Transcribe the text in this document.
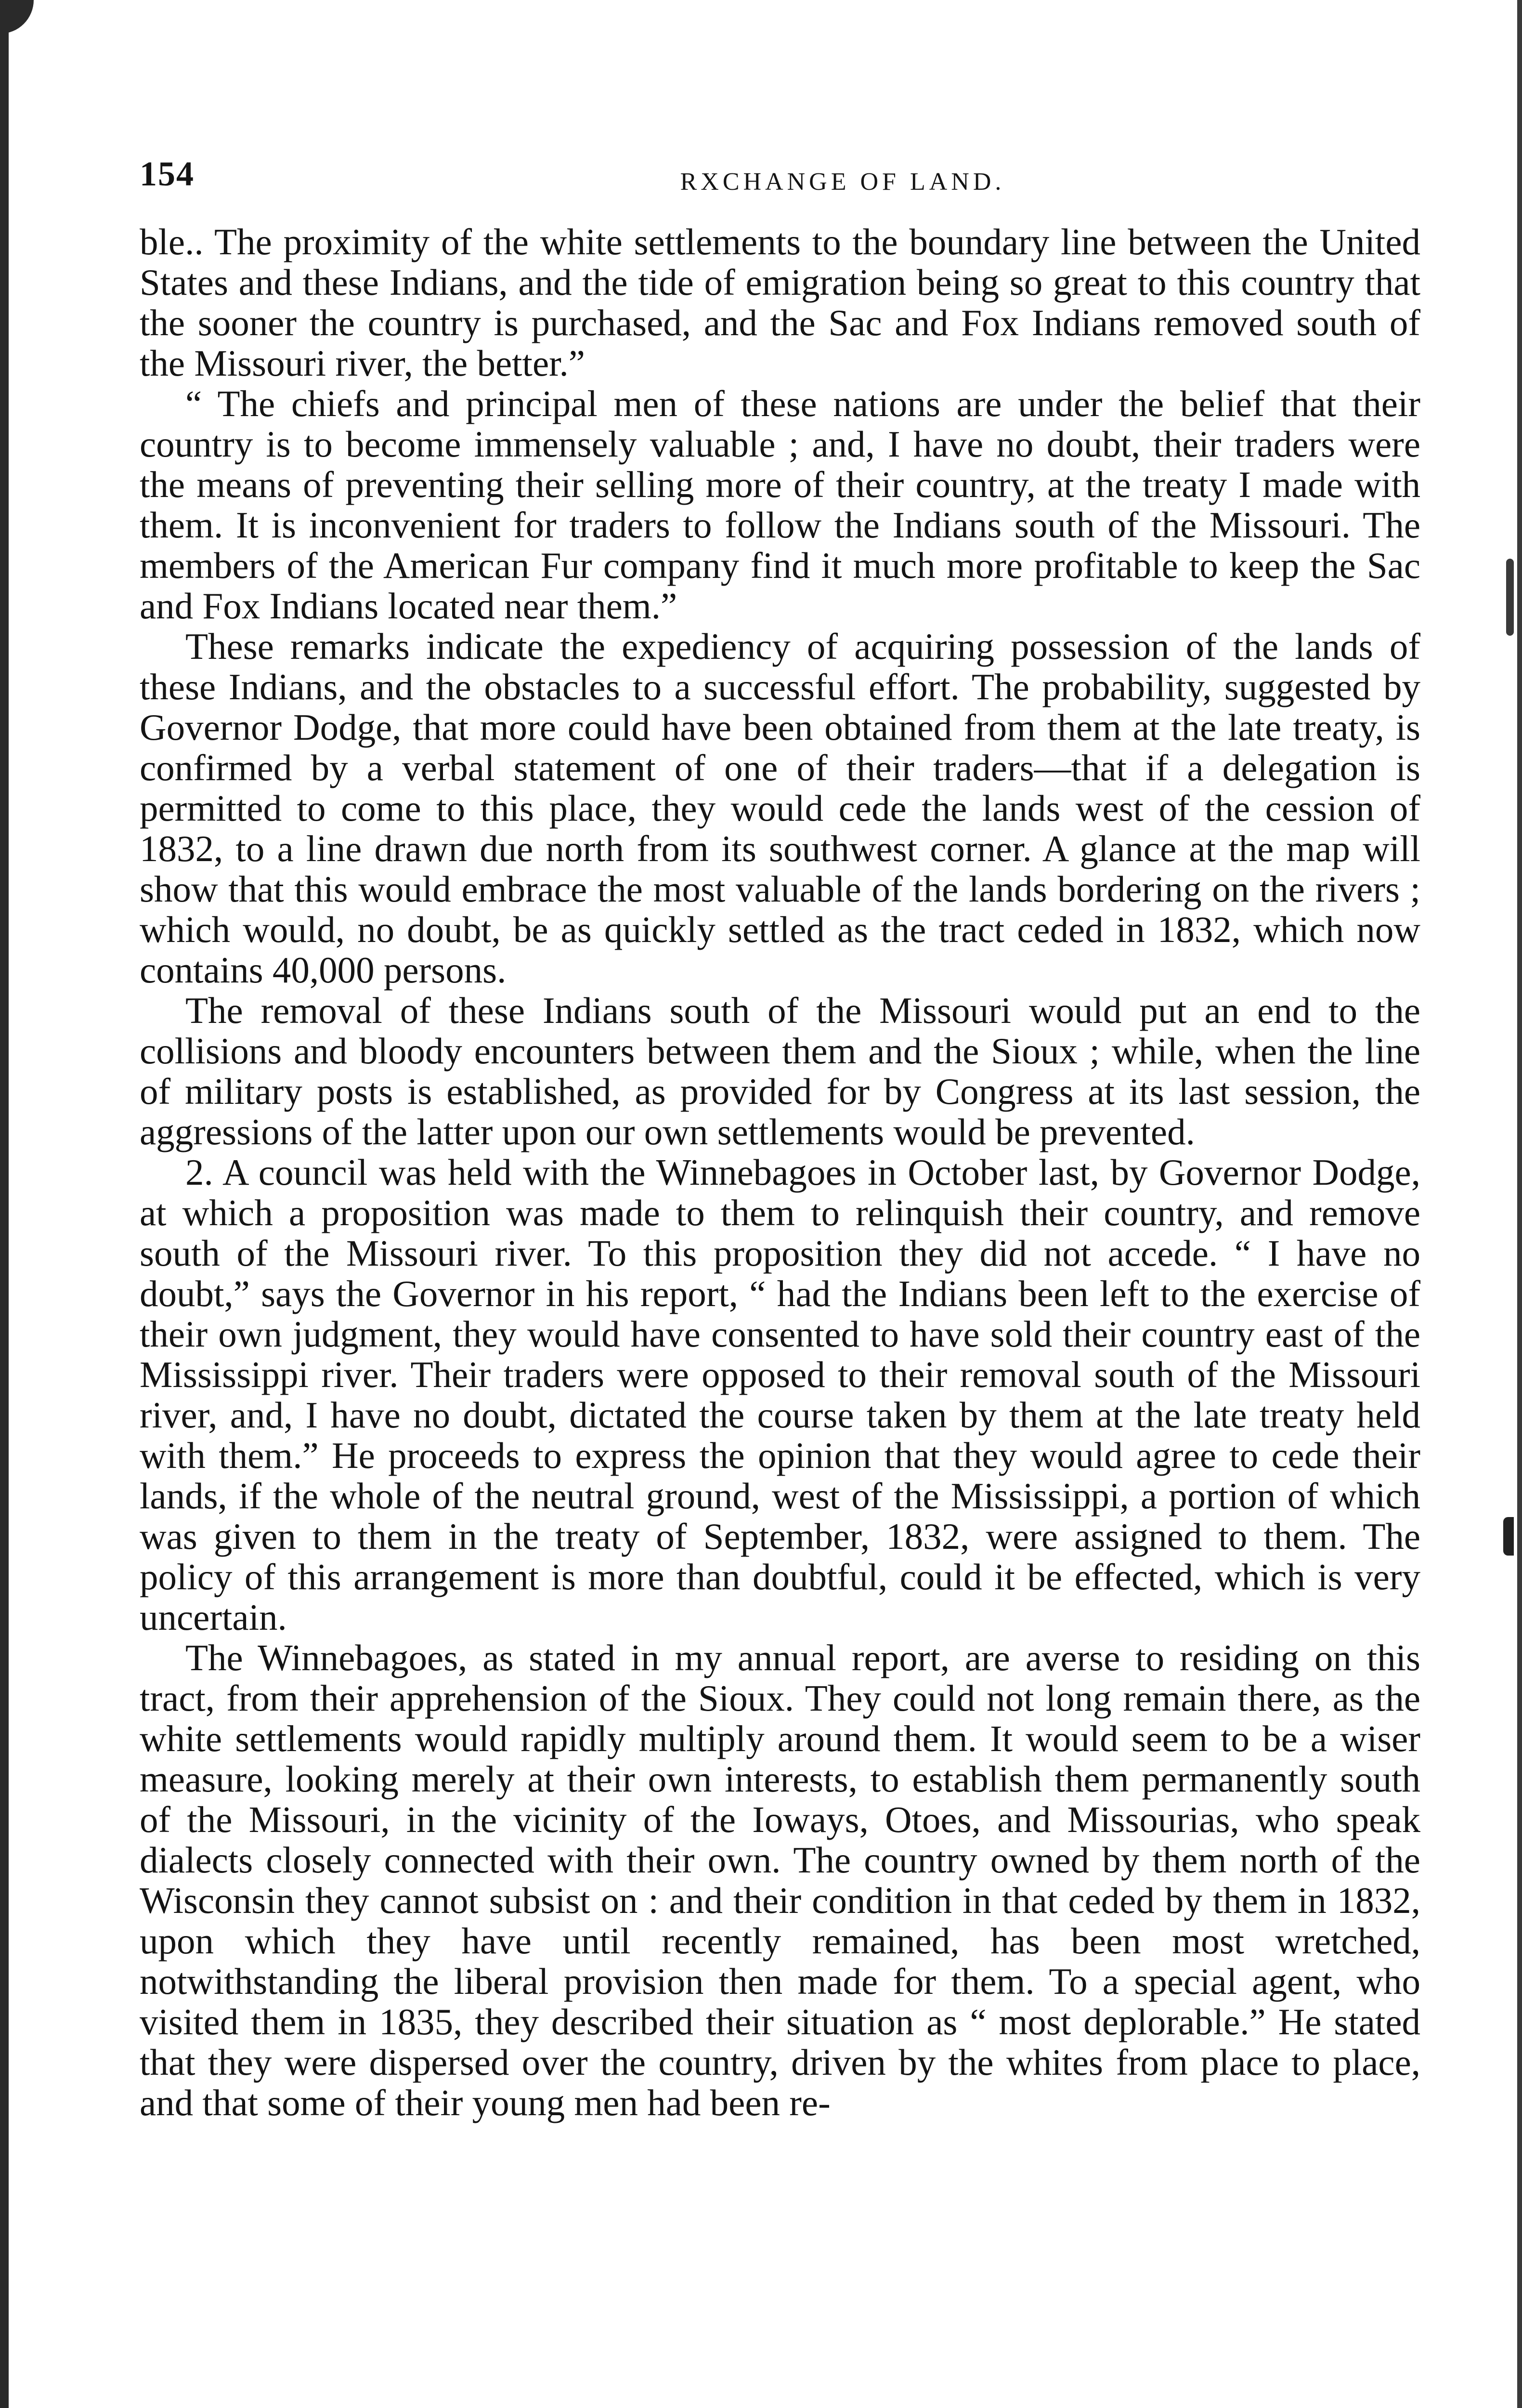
154	RXCHANGE OF LAND.

ble.. The proximity of the white settlements to the boundary line between the United States and these Indians, and the tide of emigration being so great to this country that the sooner the country is purchased, and the Sac and Fox Indians removed south of the Missouri river, the better.”

“ The chiefs and principal men of these nations are under the belief that their country is to become immensely valuable ; and, I have no doubt, their traders were the means of preventing their selling more of their country, at the treaty I made with them. It is inconvenient for traders to follow the Indians south of the Missouri. The members of the American Fur company find it much more profitable to keep the Sac and Fox Indians located near them.”

These remarks indicate the expediency of acquiring possession of the lands of these Indians, and the obstacles to a successful effort. The probability, suggested by Governor Dodge, that more could have been obtained from them at the late treaty, is confirmed by a verbal statement of one of their traders—that if a delegation is permitted to come to this place, they would cede the lands west of the cession of 1832, to a line drawn due north from its southwest corner. A glance at the map will show that this would embrace the most valuable of the lands bordering on the rivers ; which would, no doubt, be as quickly settled as the tract ceded in 1832, which now contains 40,000 persons.

The removal of these Indians south of the Missouri would put an end to the collisions and bloody encounters between them and the Sioux ; while, when the line of military posts is established, as provided for by Congress at its last session, the aggressions of the latter upon our own settlements would be prevented.

2. A council was held with the Winnebagoes in October last, by Governor Dodge, at which a proposition was made to them to relinquish their country, and remove south of the Missouri river. To this proposition they did not accede. “ I have no doubt,” says the Governor in his report, “ had the Indians been left to the exercise of their own judgment, they would have consented to have sold their country east of the Mississippi river. Their traders were opposed to their removal south of the Missouri river, and, I have no doubt, dictated the course taken by them at the late treaty held with them.” He proceeds to express the opinion that they would agree to cede their lands, if the whole of the neutral ground, west of the Mississippi, a portion of which was given to them in the treaty of September, 1832, were assigned to them. The policy of this arrangement is more than doubtful, could it be effected, which is very uncertain.

The Winnebagoes, as stated in my annual report, are averse to residing on this tract, from their apprehension of the Sioux. They could not long remain there, as the white settlements would rapidly multiply around them. It would seem to be a wiser measure, looking merely at their own interests, to establish them permanently south of the Missouri, in the vicinity of the Ioways, Otoes, and Missourias, who speak dialects closely connected with their own. The country owned by them north of the Wisconsin they cannot subsist on : and their condition in that ceded by them in 1832, upon which they have until recently remained, has been most wretched, notwithstanding the liberal provision then made for them. To a special agent, who visited them in 1835, they described their situation as “ most deplorable.” He stated that they were dispersed over the country, driven by the whites from place to place, and that some of their young men had been re-
